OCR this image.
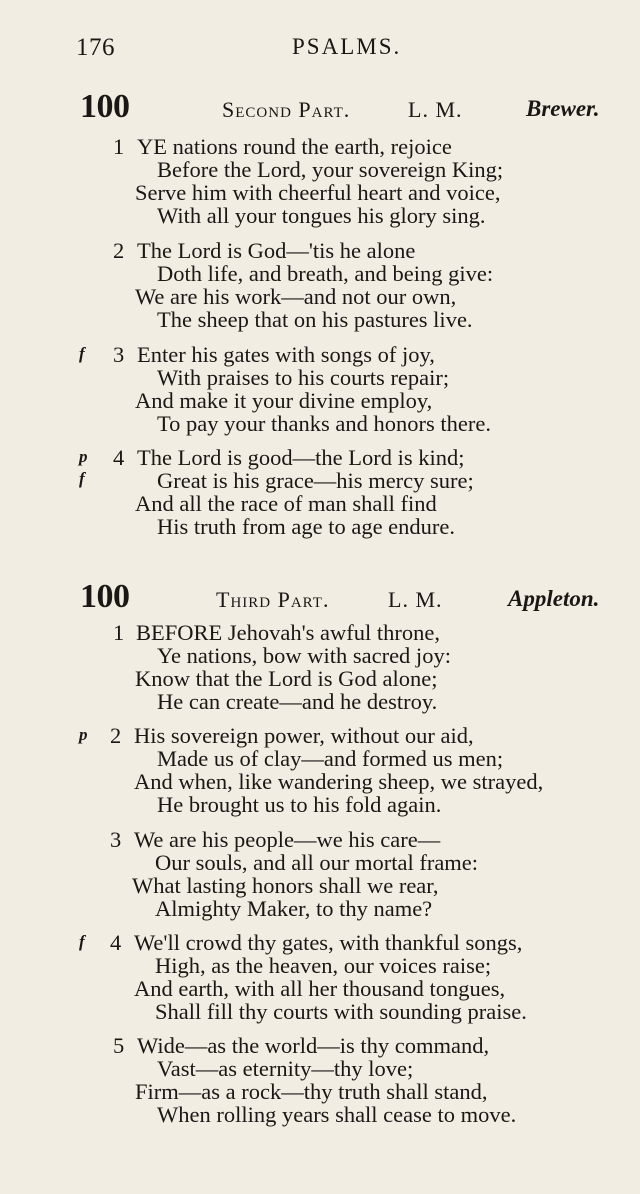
176	PSALMS.
100	Second Part.	L. M.	Brewer.
1 YE nations round the earth, rejoice
Before the Lord, your sovereign King;
Serve him with cheerful heart and voice,
With all your tongues his glory sing.
2 The Lord is God—'tis he alone
Doth life, and breath, and being give:
We are his work—and not our own,
The sheep that on his pastures live.
f 3 Enter his gates with songs of joy,
With praises to his courts repair;
And make it your divine employ,
To pay your thanks and honors there.
p
f
4 The Lord is good—the Lord is kind;
Great is his grace—his mercy sure;
And all the race of man shall find
His truth from age to age endure.
100	Third Part.	L. M.	Appleton.
1 BEFORE Jehovah's awful throne,
Ye nations, bow with sacred joy:
Know that the Lord is God alone;
He can create—and he destroy.
p 2 His sovereign power, without our aid,
Made us of clay—and formed us men;
And when, like wandering sheep, we strayed,
He brought us to his fold again.
3 We are his people—we his care—
Our souls, and all our mortal frame:
What lasting honors shall we rear,
Almighty Maker, to thy name?
f 4 We'll crowd thy gates, with thankful songs,
High, as the heaven, our voices raise;
And earth, with all her thousand tongues,
Shall fill thy courts with sounding praise.
5 Wide—as the world—is thy command,
Vast—as eternity—thy love;
Firm—as a rock—thy truth shall stand,
When rolling years shall cease to move.
